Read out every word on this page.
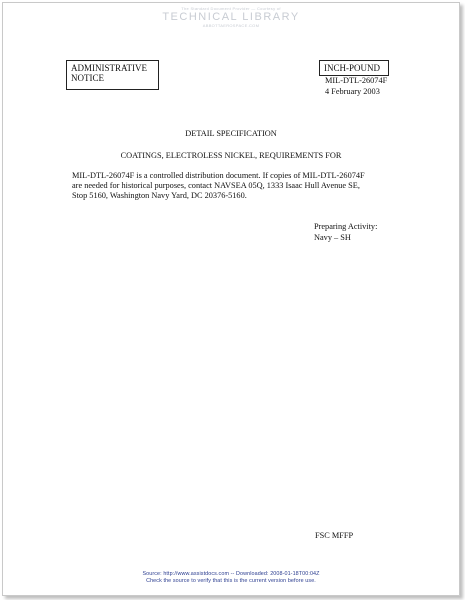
The Standard Document Provider — Courtesy of
TECHNICAL LIBRARY
ABBOTTAEROSPACE.COM
ADMINISTRATIVE
NOTICE
INCH-POUND
MIL-DTL-26074F
4 February 2003
DETAIL SPECIFICATION
COATINGS, ELECTROLESS NICKEL, REQUIREMENTS FOR
MIL-DTL-26074F is a controlled distribution document. If copies of MIL-DTL-26074F
are needed for historical purposes, contact NAVSEA 05Q, 1333 Isaac Hull Avenue SE,
Stop 5160, Washington Navy Yard, DC 20376-5160.
Preparing Activity:
Navy – SH
FSC MFFP
Source: http://www.assistdocs.com -- Downloaded: 2008-01-18T00:04Z
Check the source to verify that this is the current version before use.
